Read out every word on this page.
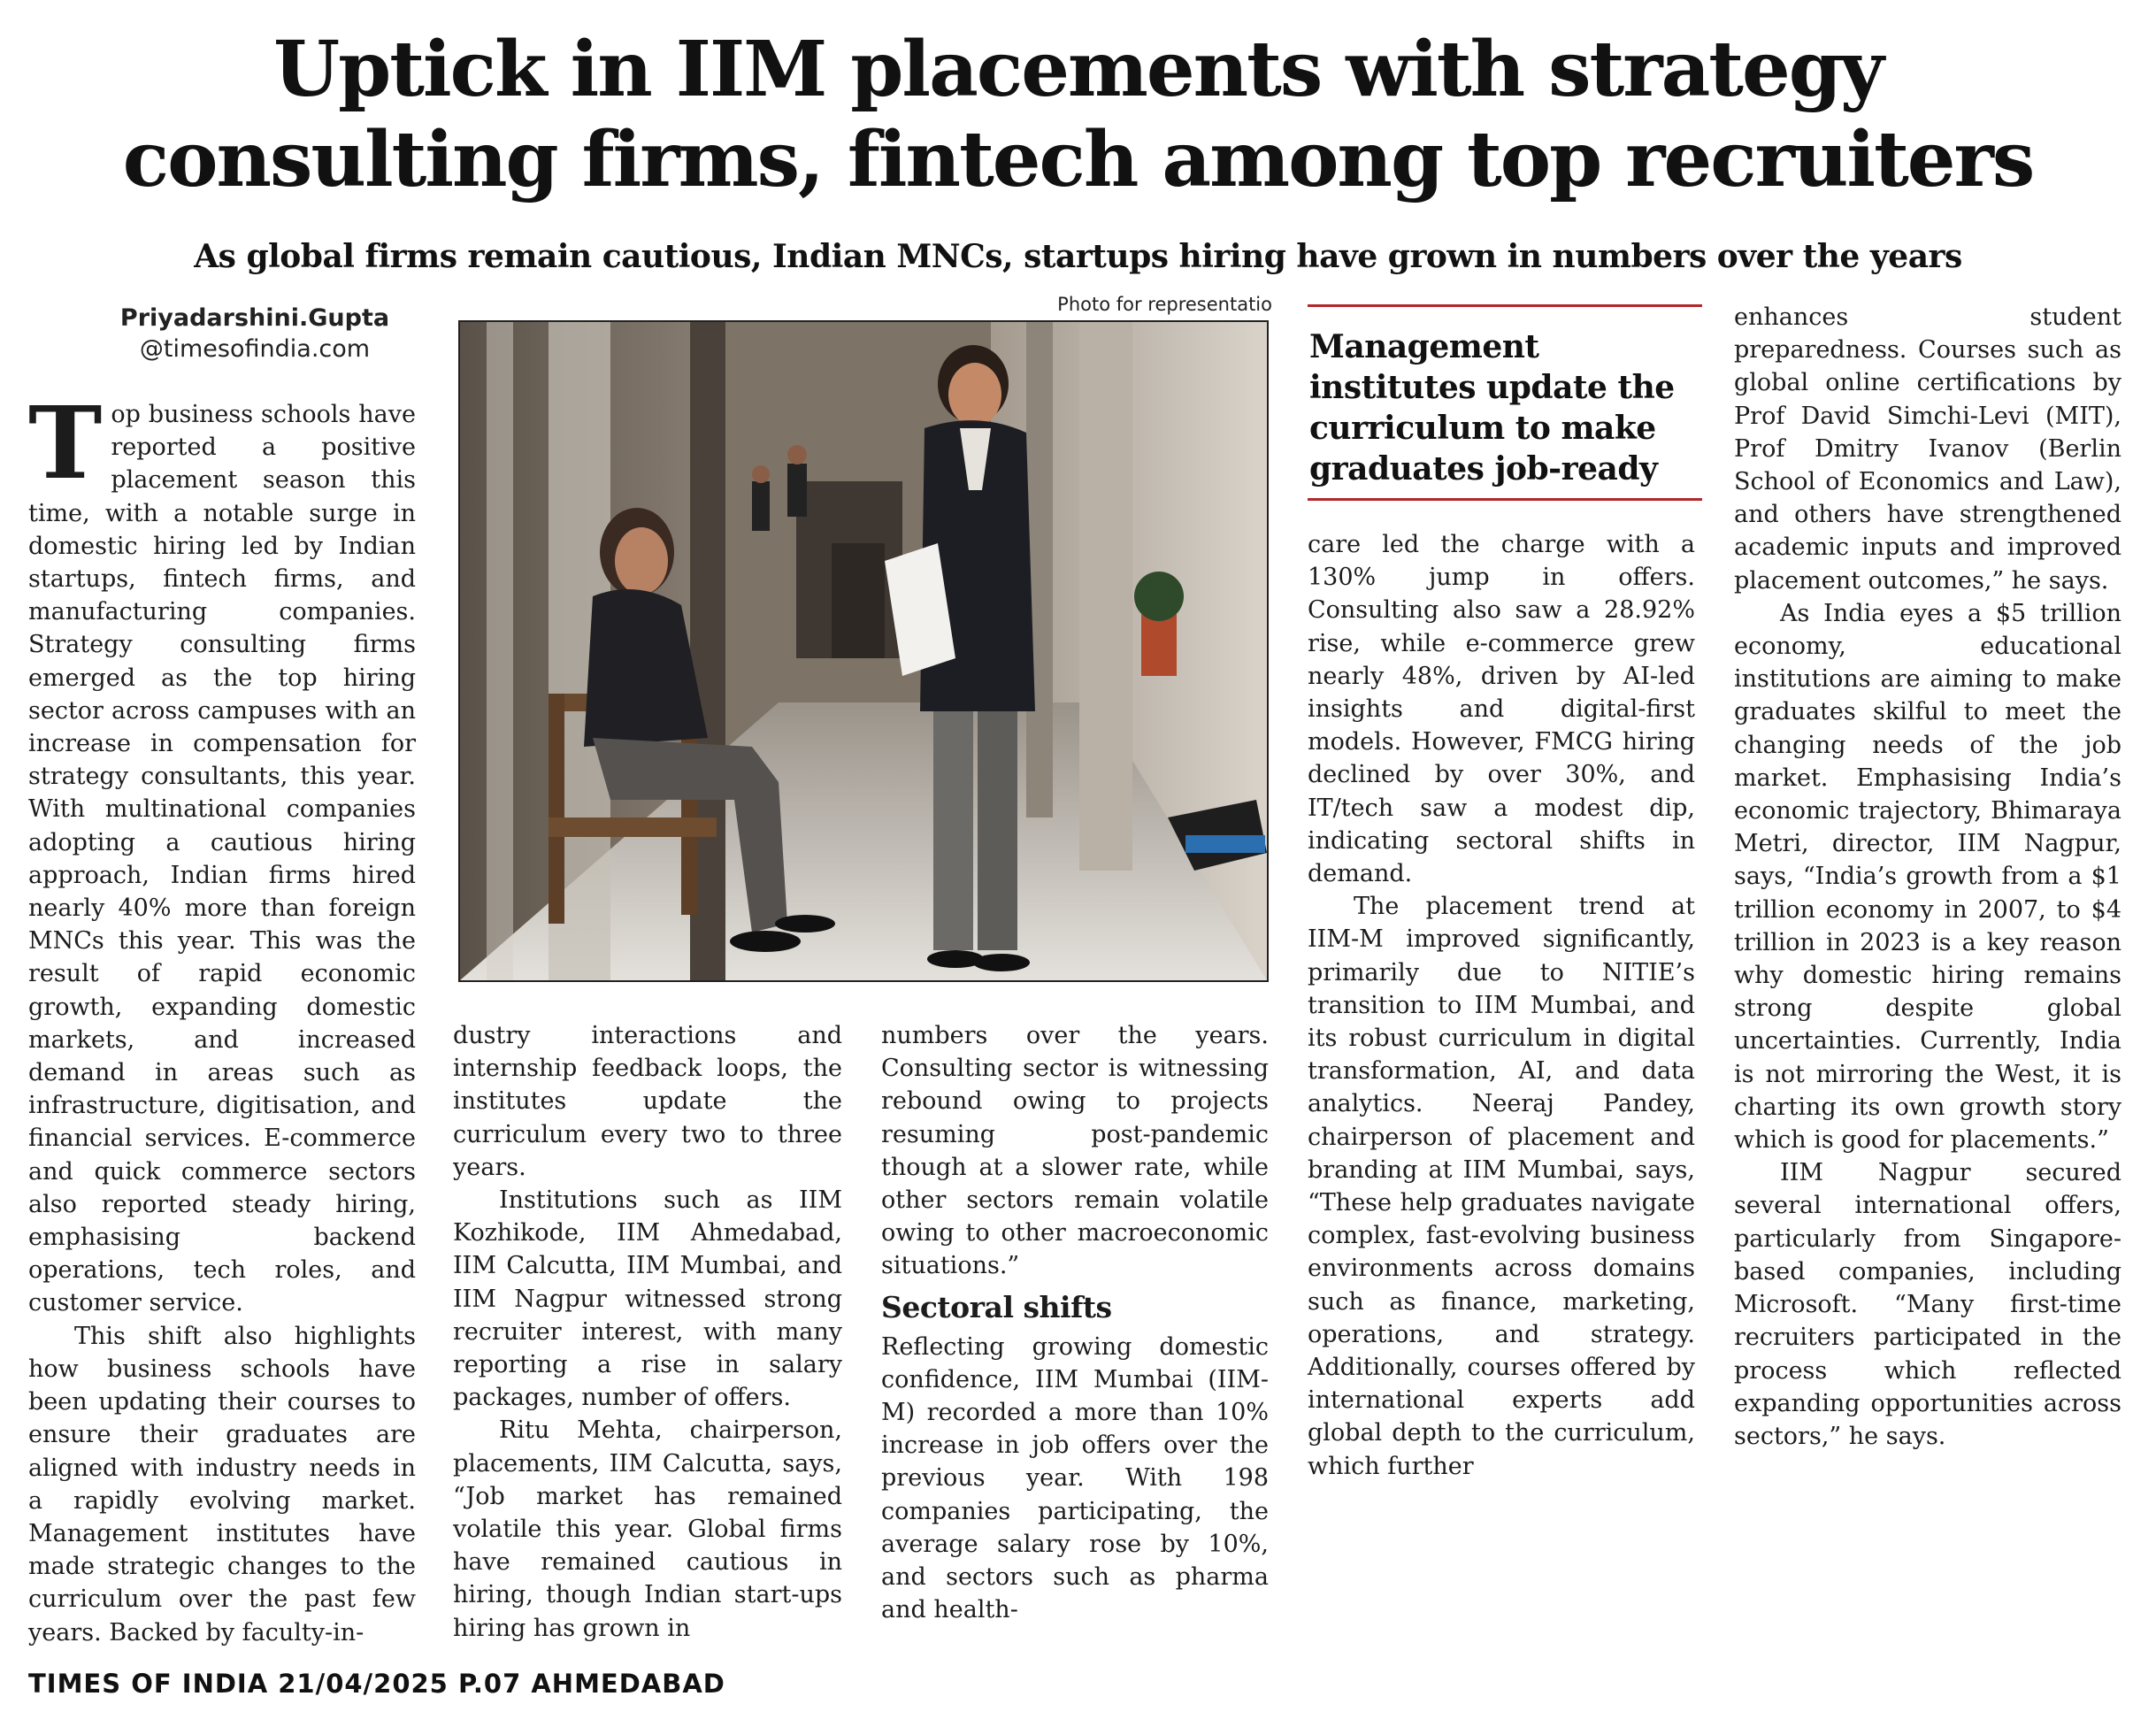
Uptick in IIM placements with strategy
consulting firms, fintech among top recruiters
As global firms remain cautious, Indian MNCs, startups hiring have grown in numbers over the years
Priyadarshini.Gupta
@timesofindia.com
Photo for representatio
Management institutes update the curriculum to make graduates job-ready

Top business schools have reported a positive placement season this time, with a notable surge in domestic hiring led by Indian startups, fintech firms, and manufacturing companies. Strategy consulting firms emerged as the top hiring sector across campuses with an increase in compensation for strategy consultants, this year. With multinational companies adopting a cautious hiring approach, Indian firms hired nearly 40% more than foreign MNCs this year. This was the result of rapid economic growth, expanding domestic markets, and increased demand in areas such as infrastructure, digitisation, and financial services. E-commerce and quick commerce sectors also reported steady hiring, emphasising backend operations, tech roles, and customer service.

This shift also highlights how business schools have been updating their courses to ensure their graduates are aligned with industry needs in a rapidly evolving market. Management institutes have made strategic changes to the curriculum over the past few years. Backed by faculty-in-

dustry interactions and internship feedback loops, the institutes update the curriculum every two to three years.

Institutions such as IIM Kozhikode, IIM Ahmedabad, IIM Calcutta, IIM Mumbai, and IIM Nagpur witnessed strong recruiter interest, with many reporting a rise in salary packages, number of offers.

Ritu Mehta, chairperson, placements, IIM Calcutta, says, “Job market has remained volatile this year. Global firms have remained cautious in hiring, though Indian start-ups hiring has grown in

numbers over the years. Consulting sector is witnessing rebound owing to projects resuming post-pandemic though at a slower rate, while other sectors remain volatile owing to other macroeconomic situations.”

Sectoral shifts

Reflecting growing domestic confidence, IIM Mumbai (IIM-M) recorded a more than 10% increase in job offers over the previous year. With 198 companies participating, the average salary rose by 10%, and sectors such as pharma and health-

care led the charge with a 130% jump in offers. Consulting also saw a 28.92% rise, while e-commerce grew nearly 48%, driven by AI-led insights and digital-first models. However, FMCG hiring declined by over 30%, and IT/tech saw a modest dip, indicating sectoral shifts in demand.

The placement trend at IIM-M improved significantly, primarily due to NITIE’s transition to IIM Mumbai, and its robust curriculum in digital transformation, AI, and data analytics. Neeraj Pandey, chairperson of placement and branding at IIM Mumbai, says, “These help graduates navigate complex, fast-evolving business environments across domains such as finance, marketing, operations, and strategy. Additionally, courses offered by international experts add global depth to the curriculum, which further

enhances student preparedness. Courses such as global online certifications by Prof David Simchi-Levi (MIT), Prof Dmitry Ivanov (Berlin School of Economics and Law), and others have strengthened academic inputs and improved placement outcomes,” he says.

As India eyes a $5 trillion economy, educational institutions are aiming to make graduates skilful to meet the changing needs of the job market. Emphasising India’s economic trajectory, Bhimaraya Metri, director, IIM Nagpur, says, “India’s growth from a $1 trillion economy in 2007, to $4 trillion in 2023 is a key reason why domestic hiring remains strong despite global uncertainties. Currently, India is not mirroring the West, it is charting its own growth story which is good for placements.”

IIM Nagpur secured several international offers, particularly from Singapore-based companies, including Microsoft. “Many first-time recruiters participated in the process which reflected expanding opportunities across sectors,” he says.

TIMES OF INDIA 21/04/2025 P.07 AHMEDABAD
